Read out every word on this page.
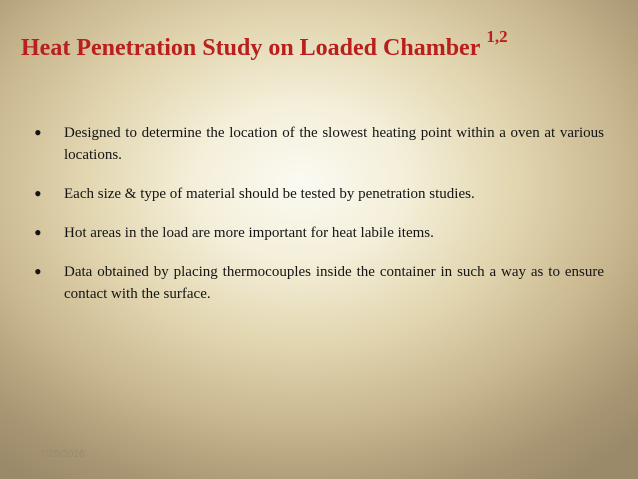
Heat Penetration Study on Loaded Chamber $^{1,2}$
• Designed to determine the location of the slowest heating point within a oven at various locations.
• Each size & type of material should be tested by penetration studies.
• Hot areas in the load are more important for heat labile items.
• Data obtained by placing thermocouples inside the container in such a way as to ensure contact with the surface.
7/29/2016	33
